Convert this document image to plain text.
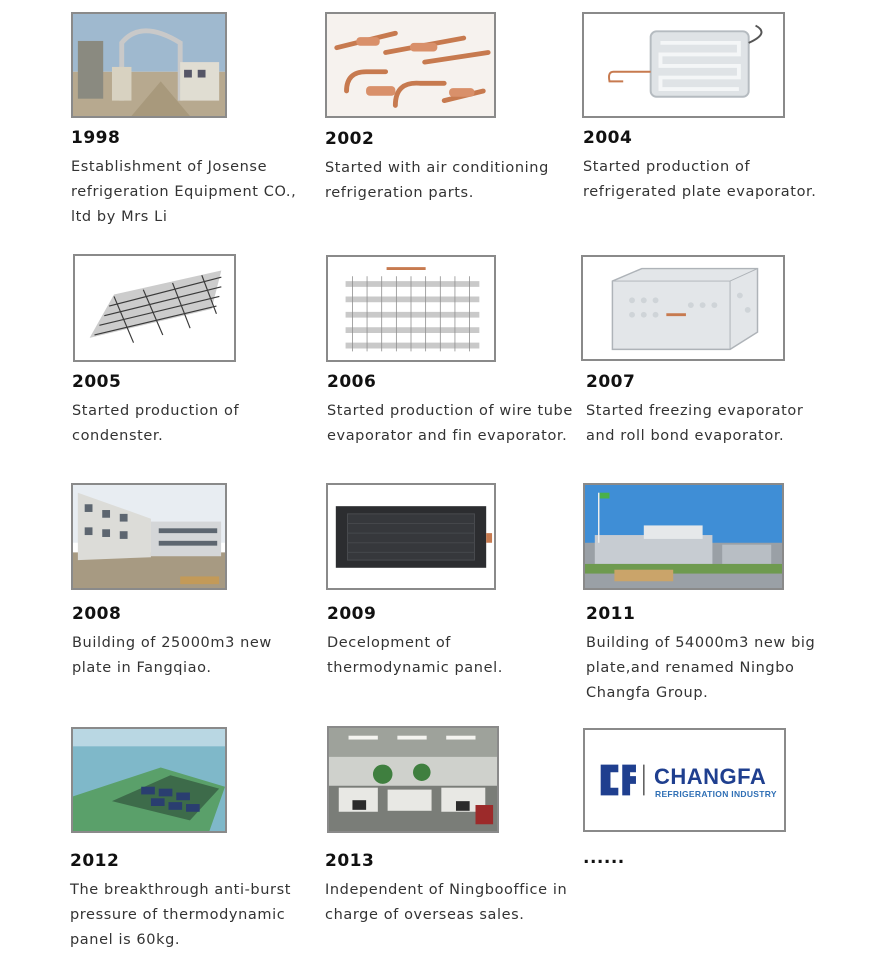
1998
Establishment of Josense
refrigeration Equipment CO.,
ltd by Mrs Li
2002
Started with air conditioning
refrigeration parts.
2004
Started production of
refrigerated plate evaporator.
2005
Started production of
condenster.
2006
Started production of wire tube
evaporator and fin evaporator.
2007
Started freezing evaporator
and roll bond evaporator.
2008
Building of 25000m3 new
plate in Fangqiao.
2009
Decelopment of
thermodynamic panel.
2011
Building of 54000m3 new big
plate,and renamed Ningbo
Changfa Group.
2012
The breakthrough anti-burst
pressure of thermodynamic
panel is 60kg.
2013
Independent of Ningbooffice in
charge of overseas sales.
CHANGFA
REFRIGERATION INDUSTRY
......
